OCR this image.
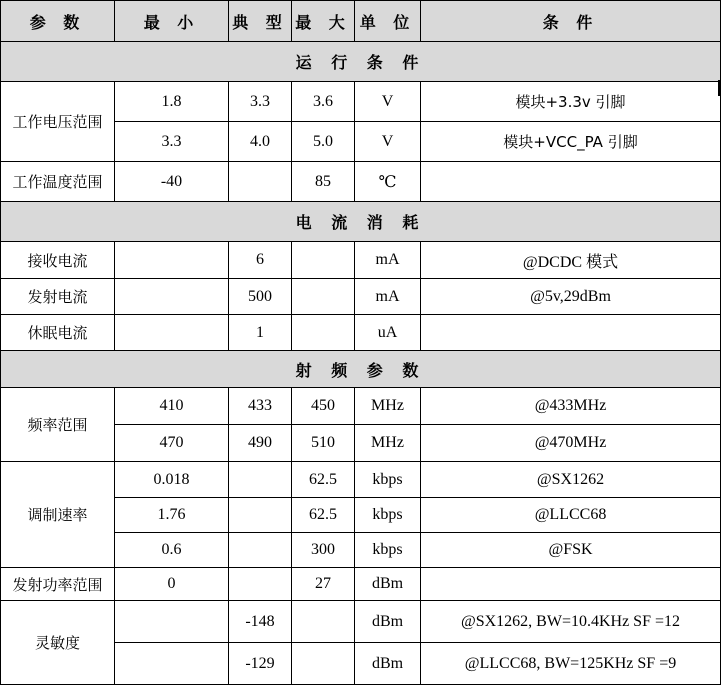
参 数	最 小	典 型	最 大	单 位	条 件
运 行 条 件					
工作电压范围	1.8	3.3	3.6	V	模块+3.3v 引脚
	3.3	4.0	5.0	V	模块+VCC_PA 引脚
工作温度范围	-40		85	℃	
电 流 消 耗					
接收电流		6		mA	@DCDC 模式
发射电流		500		mA	@5v,29dBm
休眠电流		1		uA	
射 频 参 数					
频率范围	410	433	450	MHz	@433MHz
	470	490	510	MHz	@470MHz
调制速率	0.018		62.5	kbps	@SX1262
	1.76		62.5	kbps	@LLCC68
	0.6		300	kbps	@FSK
发射功率范围	0		27	dBm	
灵敏度		-148		dBm	@SX1262, BW=10.4KHz SF =12
		-129		dBm	@LLCC68, BW=125KHz SF =9
